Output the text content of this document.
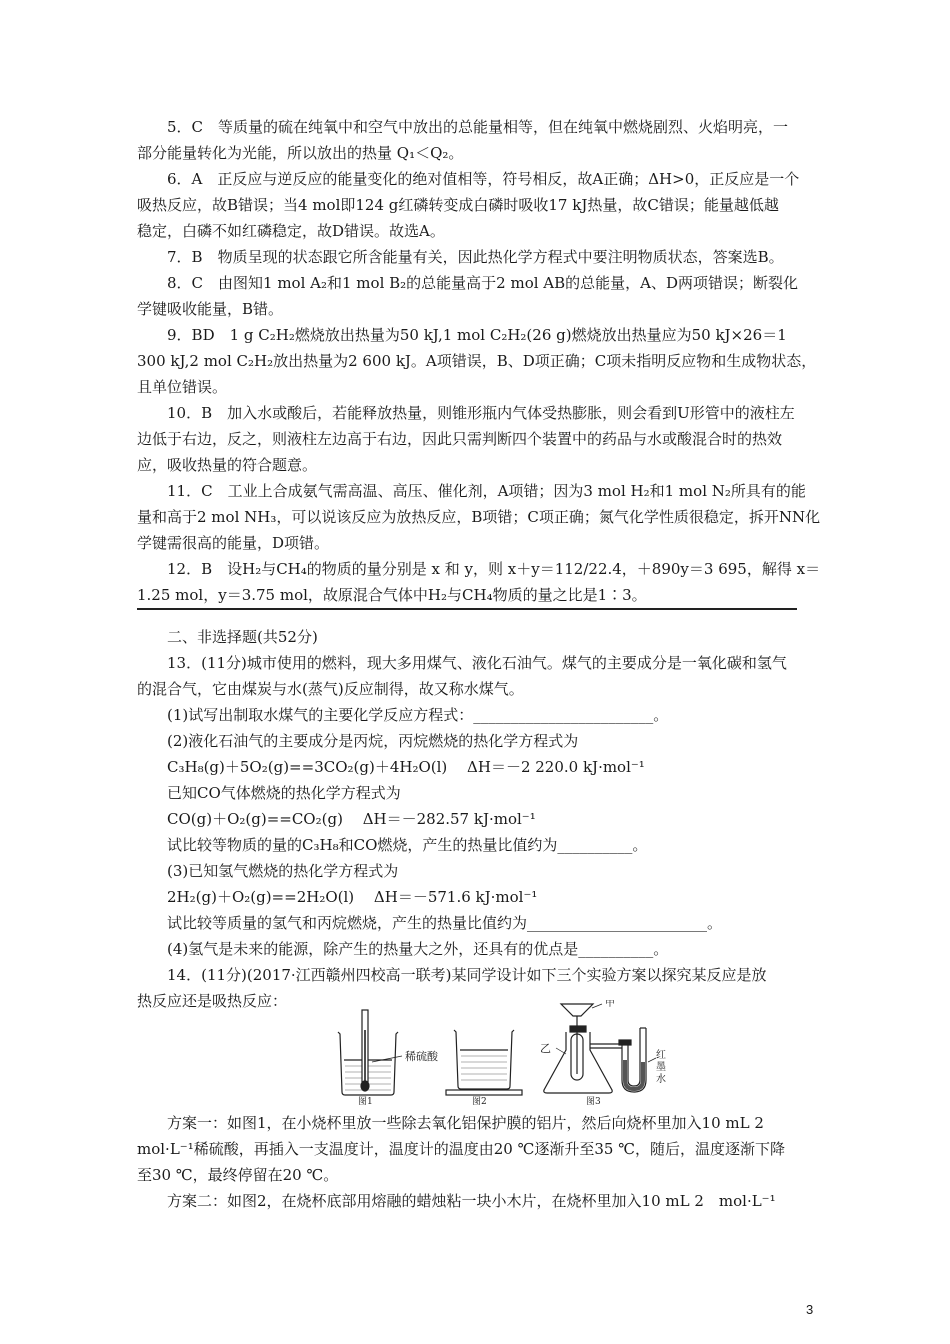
5．C　等质量的硫在纯氧中和空气中放出的总能量相等，但在纯氧中燃烧剧烈、火焰明亮，一
部分能量转化为光能，所以放出的热量 Q₁＜Q₂。
6．A　正反应与逆反应的能量变化的绝对值相等，符号相反，故A正确；ΔH>0，正反应是一个
吸热反应，故B错误；当4 mol即124 g红磷转变成白磷时吸收17 kJ热量，故C错误；能量越低越
稳定，白磷不如红磷稳定，故D错误。故选A。
7．B　物质呈现的状态跟它所含能量有关，因此热化学方程式中要注明物质状态，答案选B。
8．C　由图知1 mol A₂和1 mol B₂的总能量高于2 mol AB的总能量，A、D两项错误；断裂化
学键吸收能量，B错。
9．BD　1 g C₂H₂燃烧放出热量为50 kJ,1 mol C₂H₂(26 g)燃烧放出热量应为50 kJ×26＝1
300 kJ,2 mol C₂H₂放出热量为2 600 kJ。A项错误，B、D项正确；C项未指明反应物和生成物状态，
且单位错误。
10．B　加入水或酸后，若能释放热量，则锥形瓶内气体受热膨胀，则会看到U形管中的液柱左
边低于右边，反之，则液柱左边高于右边，因此只需判断四个装置中的药品与水或酸混合时的热效
应，吸收热量的符合题意。
11．C　工业上合成氨气需高温、高压、催化剂，A项错；因为3 mol H₂和1 mol N₂所具有的能
量和高于2 mol NH₃，可以说该反应为放热反应，B项错；C项正确；氮气化学性质很稳定，拆开NN化
学键需很高的能量，D项错。
12．B　设H₂与CH₄的物质的量分别是 x 和 y，则 x＋y＝112/22.4，＋890y＝3 695，解得 x＝
1.25 mol，y＝3.75 mol，故原混合气体中H₂与CH₄物质的量之比是1∶3。
二、非选择题(共52分)
13．(11分)城市使用的燃料，现大多用煤气、液化石油气。煤气的主要成分是一氧化碳和氢气
的混合气，它由煤炭与水(蒸气)反应制得，故又称水煤气。
(1)试写出制取水煤气的主要化学反应方程式：________________________。
(2)液化石油气的主要成分是丙烷，丙烷燃烧的热化学方程式为
C₃H₈(g)＋5O₂(g)==3CO₂(g)＋4H₂O(l)　 ΔH＝－2 220.0 kJ·mol⁻¹
已知CO气体燃烧的热化学方程式为
CO(g)＋O₂(g)==CO₂(g)　 ΔH＝－282.57 kJ·mol⁻¹
试比较等物质的量的C₃H₈和CO燃烧，产生的热量比值约为__________。
(3)已知氢气燃烧的热化学方程式为
2H₂(g)＋O₂(g)==2H₂O(l)　 ΔH＝－571.6 kJ·mol⁻¹
试比较等质量的氢气和丙烷燃烧，产生的热量比值约为________________________。
(4)氢气是未来的能源，除产生的热量大之外，还具有的优点是__________。
14．(11分)(2017·江西赣州四校高一联考)某同学设计如下三个实验方案以探究某反应是放
热反应还是吸热反应：
稀硫酸
图1	图2
甲
乙
红
墨
水
图3
方案一：如图1，在小烧杯里放一些除去氧化铝保护膜的铝片，然后向烧杯里加入10 mL 2
mol·L⁻¹稀硫酸，再插入一支温度计，温度计的温度由20 ℃逐渐升至35 ℃，随后，温度逐渐下降
至30 ℃，最终停留在20 ℃。
方案二：如图2，在烧杯底部用熔融的蜡烛粘一块小木片，在烧杯里加入10 mL 2　mol·L⁻¹
3
